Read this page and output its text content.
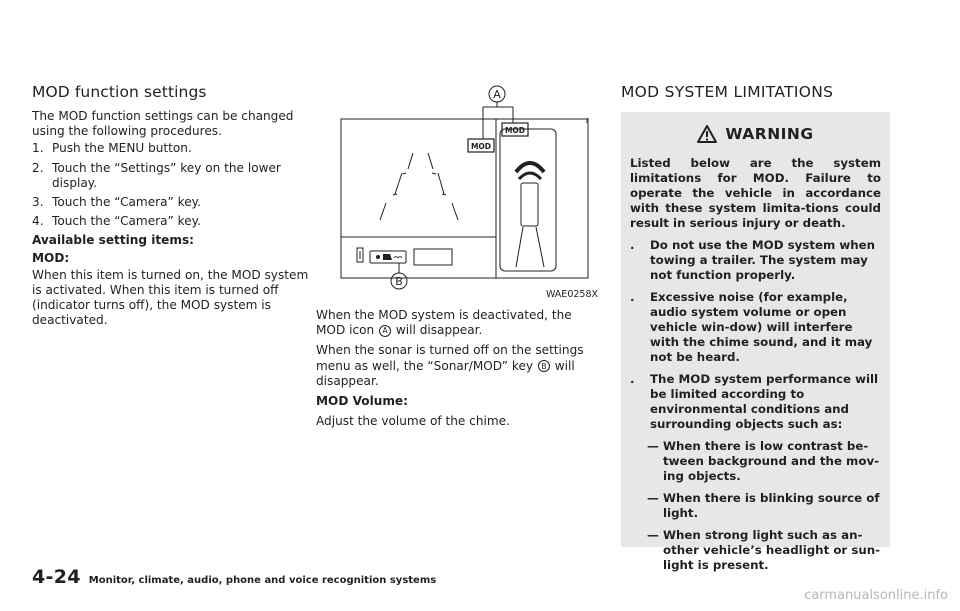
MOD function settings

The MOD function settings can be changed using the following procedures.

1. Push the MENU button.
2. Touch the “Settings” key on the lower display.
3. Touch the “Camera” key.
4. Touch the “Camera” key.

Available setting items:

MOD:

When this item is turned on, the MOD system is activated. When this item is turned off (indicator turns off), the MOD system is deactivated.

A
MOD
MOD
ℓ
B
WAE0258X

When the MOD system is deactivated, the MOD icon A will disappear.

When the sonar is turned off on the settings menu as well, the “Sonar/MOD” key B will disappear.

MOD Volume:

Adjust the volume of the chime.

MOD SYSTEM LIMITATIONS
WARNING

Listed below are the system limitations for MOD. Failure to operate the vehicle in accordance with these system limita-tions could result in serious injury or death.

.	Do not use the MOD system when towing a trailer. The system may not function properly.
.	Excessive noise (for example, audio system volume or open vehicle win-dow) will interfere with the chime sound, and it may not be heard.
.	The MOD system performance will be limited according to environmental conditions and surrounding objects such as:
— When there is low contrast be-tween background and the mov-ing objects.
— When there is blinking source of light.
— When strong light such as an-other vehicle’s headlight or sun-light is present.
4-24 Monitor, climate, audio, phone and voice recognition systems
carmanualsonline.info
